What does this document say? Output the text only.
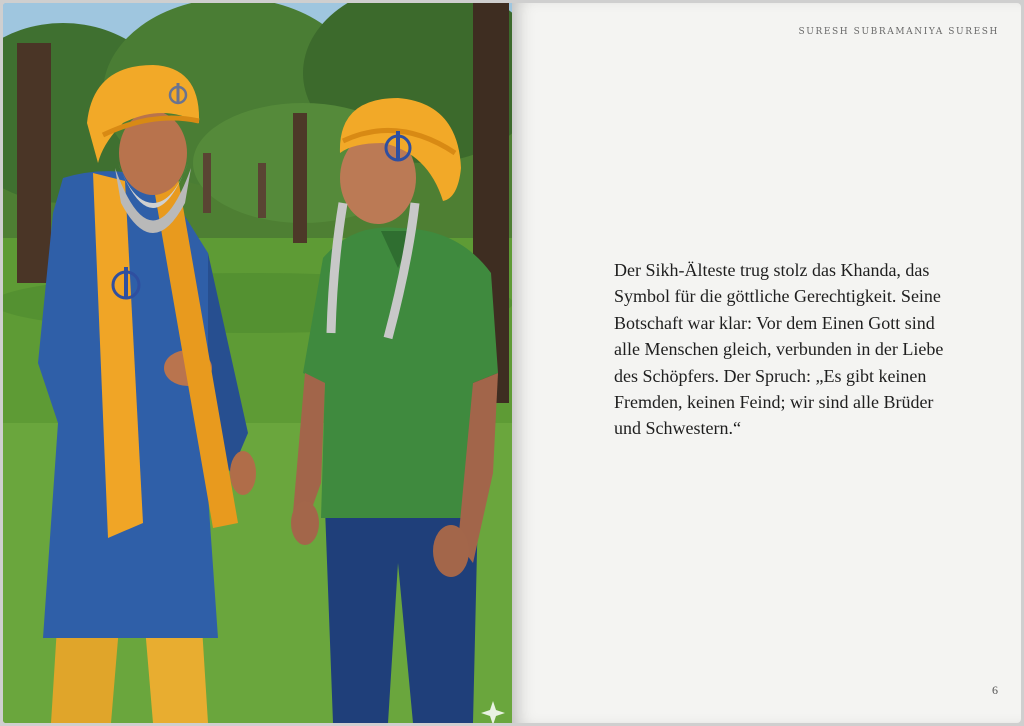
SURESH SUBRAMANIYA SURESH

Der Sikh-Älteste trug stolz das Khanda, das Symbol für die göttliche Gerechtigkeit. Seine Botschaft war klar: Vor dem Einen Gott sind alle Menschen gleich, verbunden in der Liebe des Schöpfers. Der Spruch: „Es gibt keinen Fremden, keinen Feind; wir sind alle Brüder und Schwestern.“

6
